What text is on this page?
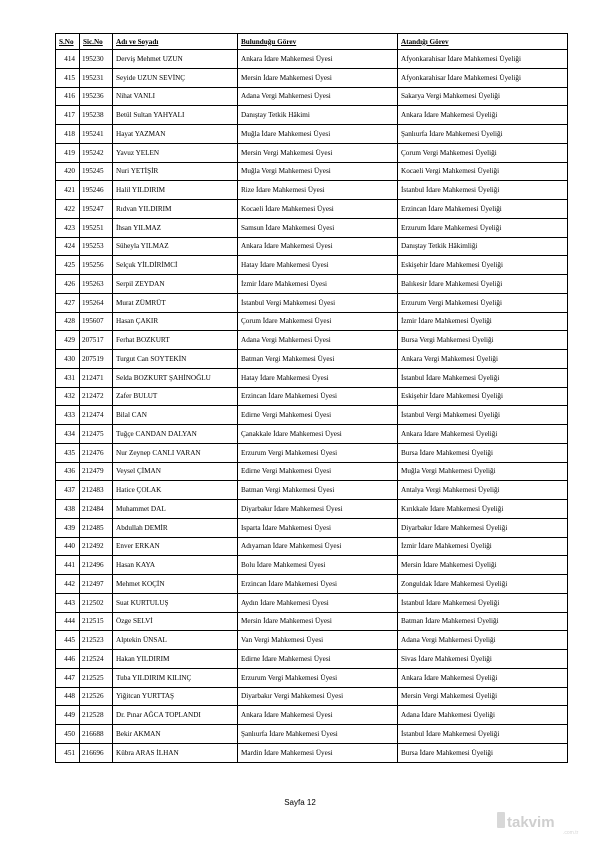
S.No	Sic.No	Adı ve Soyadı	Bulunduğu Görev	Atandığı Görev
414	195230	Derviş Mehmet UZUN	Ankara İdare Mahkemesi Üyesi	Afyonkarahisar İdare Mahkemesi Üyeliği
415	195231	Seyide UZUN SEVİNÇ	Mersin İdare Mahkemesi Üyesi	Afyonkarahisar İdare Mahkemesi Üyeliği
416	195236	Nihat VANLI	Adana Vergi Mahkemesi Üyesi	Sakarya Vergi Mahkemesi Üyeliği
417	195238	Betül Sultan YAHYALI	Danıştay Tetkik Hâkimi	Ankara İdare Mahkemesi Üyeliği
418	195241	Hayat YAZMAN	Muğla İdare Mahkemesi Üyesi	Şanlıurfa İdare Mahkemesi Üyeliği
419	195242	Yavuz YELEN	Mersin Vergi Mahkemesi Üyesi	Çorum Vergi Mahkemesi Üyeliği
420	195245	Nuri YETİŞİR	Muğla Vergi Mahkemesi Üyesi	Kocaeli Vergi Mahkemesi Üyeliği
421	195246	Halil YILDIRIM	Rize İdare Mahkemesi Üyesi	İstanbul İdare Mahkemesi Üyeliği
422	195247	Rıdvan YILDIRIM	Kocaeli İdare Mahkemesi Üyesi	Erzincan İdare Mahkemesi Üyeliği
423	195251	İhsan YILMAZ	Samsun İdare Mahkemesi Üyesi	Erzurum İdare Mahkemesi Üyeliği
424	195253	Süheyla YILMAZ	Ankara İdare Mahkemesi Üyesi	Danıştay Tetkik Hâkimliği
425	195256	Selçuk YİLDİRİMCİ	Hatay İdare Mahkemesi Üyesi	Eskişehir İdare Mahkemesi Üyeliği
426	195263	Serpil ZEYDAN	İzmir İdare Mahkemesi Üyesi	Balıkesir İdare Mahkemesi Üyeliği
427	195264	Murat ZÜMRÜT	İstanbul Vergi Mahkemesi Üyesi	Erzurum Vergi Mahkemesi Üyeliği
428	195607	Hasan ÇAKIR	Çorum İdare Mahkemesi Üyesi	İzmir İdare Mahkemesi Üyeliği
429	207517	Ferhat BOZKURT	Adana Vergi Mahkemesi Üyesi	Bursa Vergi Mahkemesi Üyeliği
430	207519	Turgut Can SOYTEKİN	Batman Vergi Mahkemesi Üyesi	Ankara Vergi Mahkemesi Üyeliği
431	212471	Selda BOZKURT ŞAHİNOĞLU	Hatay İdare Mahkemesi Üyesi	İstanbul İdare Mahkemesi Üyeliği
432	212472	Zafer BULUT	Erzincan İdare Mahkemesi Üyesi	Eskişehir İdare Mahkemesi Üyeliği
433	212474	Bilal CAN	Edirne Vergi Mahkemesi Üyesi	İstanbul Vergi Mahkemesi Üyeliği
434	212475	Tuğçe CANDAN DALYAN	Çanakkale İdare Mahkemesi Üyesi	Ankara İdare Mahkemesi Üyeliği
435	212476	Nur Zeynep CANLI VARAN	Erzurum Vergi Mahkemesi Üyesi	Bursa İdare Mahkemesi Üyeliği
436	212479	Veysel ÇİMAN	Edirne Vergi Mahkemesi Üyesi	Muğla Vergi Mahkemesi Üyeliği
437	212483	Hatice ÇOLAK	Batman Vergi Mahkemesi Üyesi	Antalya Vergi Mahkemesi Üyeliği
438	212484	Muhammet DAL	Diyarbakır İdare Mahkemesi Üyesi	Kırıkkale İdare Mahkemesi Üyeliği
439	212485	Abdullah DEMİR	Isparta İdare Mahkemesi Üyesi	Diyarbakır İdare Mahkemesi Üyeliği
440	212492	Enver ERKAN	Adıyaman İdare Mahkemesi Üyesi	İzmir İdare Mahkemesi Üyeliği
441	212496	Hasan KAYA	Bolu İdare Mahkemesi Üyesi	Mersin İdare Mahkemesi Üyeliği
442	212497	Mehmet KOÇİN	Erzincan İdare Mahkemesi Üyesi	Zonguldak İdare Mahkemesi Üyeliği
443	212502	Suat KURTULUŞ	Aydın İdare Mahkemesi Üyesi	İstanbul İdare Mahkemesi Üyeliği
444	212515	Özge SELVİ	Mersin İdare Mahkemesi Üyesi	Batman İdare Mahkemesi Üyeliği
445	212523	Alptekin ÜNSAL	Van Vergi Mahkemesi Üyesi	Adana Vergi Mahkemesi Üyeliği
446	212524	Hakan YILDIRIM	Edirne İdare Mahkemesi Üyesi	Sivas İdare Mahkemesi Üyeliği
447	212525	Tuba YILDIRIM KILINÇ	Erzurum Vergi Mahkemesi Üyesi	Ankara İdare Mahkemesi Üyeliği
448	212526	Yiğitcan YURTTAŞ	Diyarbakır Vergi Mahkemesi Üyesi	Mersin Vergi Mahkemesi Üyeliği
449	212528	Dr. Pınar AĞCA TOPLANDI	Ankara İdare Mahkemesi Üyesi	Adana İdare Mahkemesi Üyeliği
450	216688	Bekir AKMAN	Şanlıurfa İdare Mahkemesi Üyesi	İstanbul İdare Mahkemesi Üyeliği
451	216696	Kübra ARAS İLHAN	Mardin İdare Mahkemesi Üyesi	Bursa İdare Mahkemesi Üyeliği
Sayfa 12
takvim
.com.tr
